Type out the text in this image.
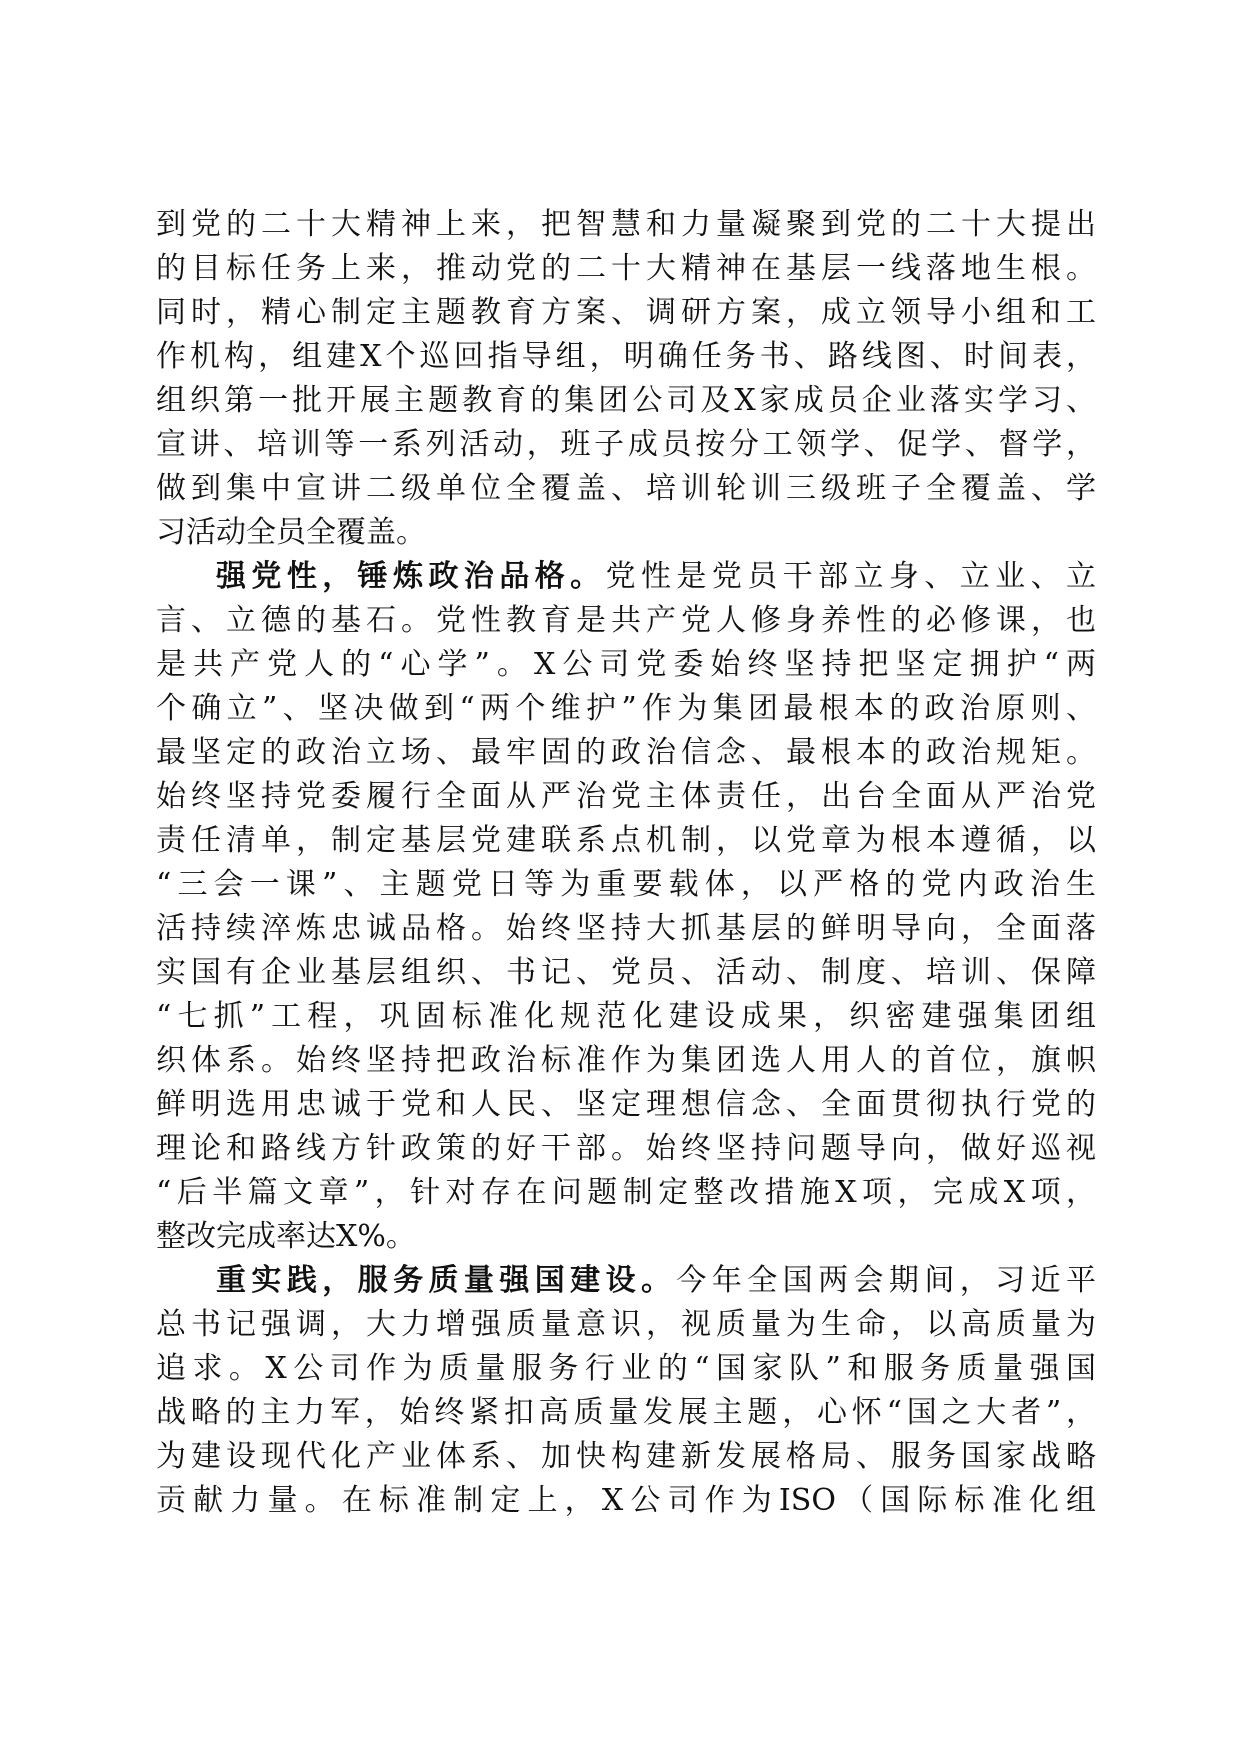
到党的二十大精神上来，把智慧和力量凝聚到党的二十大提出
的目标任务上来，推动党的二十大精神在基层一线落地生根。
同时，精心制定主题教育方案、调研方案，成立领导小组和工
作机构，组建X个巡回指导组，明确任务书、路线图、时间表，
组织第一批开展主题教育的集团公司及X家成员企业落实学习、
宣讲、培训等一系列活动，班子成员按分工领学、促学、督学，
做到集中宣讲二级单位全覆盖、培训轮训三级班子全覆盖、学
习活动全员全覆盖。
强党性，锤炼政治品格。党性是党员干部立身、立业、立
言、立德的基石。党性教育是共产党人修身养性的必修课，也
是共产党人的“心学”。X公司党委始终坚持把坚定拥护“两
个确立”、坚决做到“两个维护”作为集团最根本的政治原则、
最坚定的政治立场、最牢固的政治信念、最根本的政治规矩。
始终坚持党委履行全面从严治党主体责任，出台全面从严治党
责任清单，制定基层党建联系点机制，以党章为根本遵循，以
“三会一课”、主题党日等为重要载体，以严格的党内政治生
活持续淬炼忠诚品格。始终坚持大抓基层的鲜明导向，全面落
实国有企业基层组织、书记、党员、活动、制度、培训、保障
“七抓”工程，巩固标准化规范化建设成果，织密建强集团组
织体系。始终坚持把政治标准作为集团选人用人的首位，旗帜
鲜明选用忠诚于党和人民、坚定理想信念、全面贯彻执行党的
理论和路线方针政策的好干部。始终坚持问题导向，做好巡视
“后半篇文章”，针对存在问题制定整改措施X项，完成X项，
整改完成率达X%。
重实践，服务质量强国建设。今年全国两会期间，习近平
总书记强调，大力增强质量意识，视质量为生命，以高质量为
追求。X公司作为质量服务行业的“国家队”和服务质量强国
战略的主力军，始终紧扣高质量发展主题，心怀“国之大者”，
为建设现代化产业体系、加快构建新发展格局、服务国家战略
贡献力量。在标准制定上，X公司作为ISO（国际标准化组
